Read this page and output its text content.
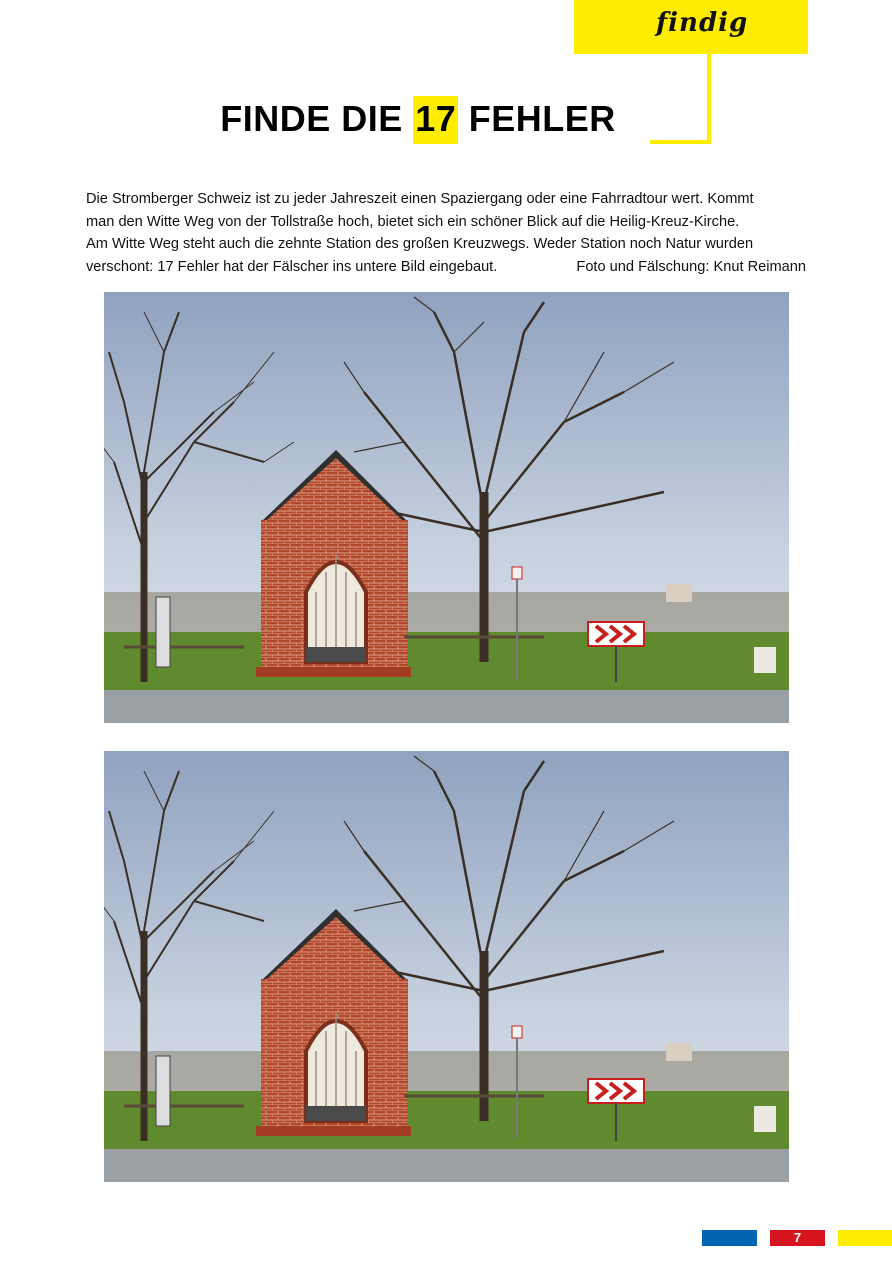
findig
FINDE DIE 17 FEHLER
Die Stromberger Schweiz ist zu jeder Jahreszeit einen Spaziergang oder eine Fahrradtour wert. Kommt
man den Witte Weg von der Tollstraße hoch, bietet sich ein schöner Blick auf die Heilig-Kreuz-Kirche.
Am Witte Weg steht auch die zehnte Station des großen Kreuzwegs. Weder Station noch Natur wurden
verschont: 17 Fehler hat der Fälscher ins untere Bild eingebaut.	Foto und Fälschung: Knut Reimann
7
